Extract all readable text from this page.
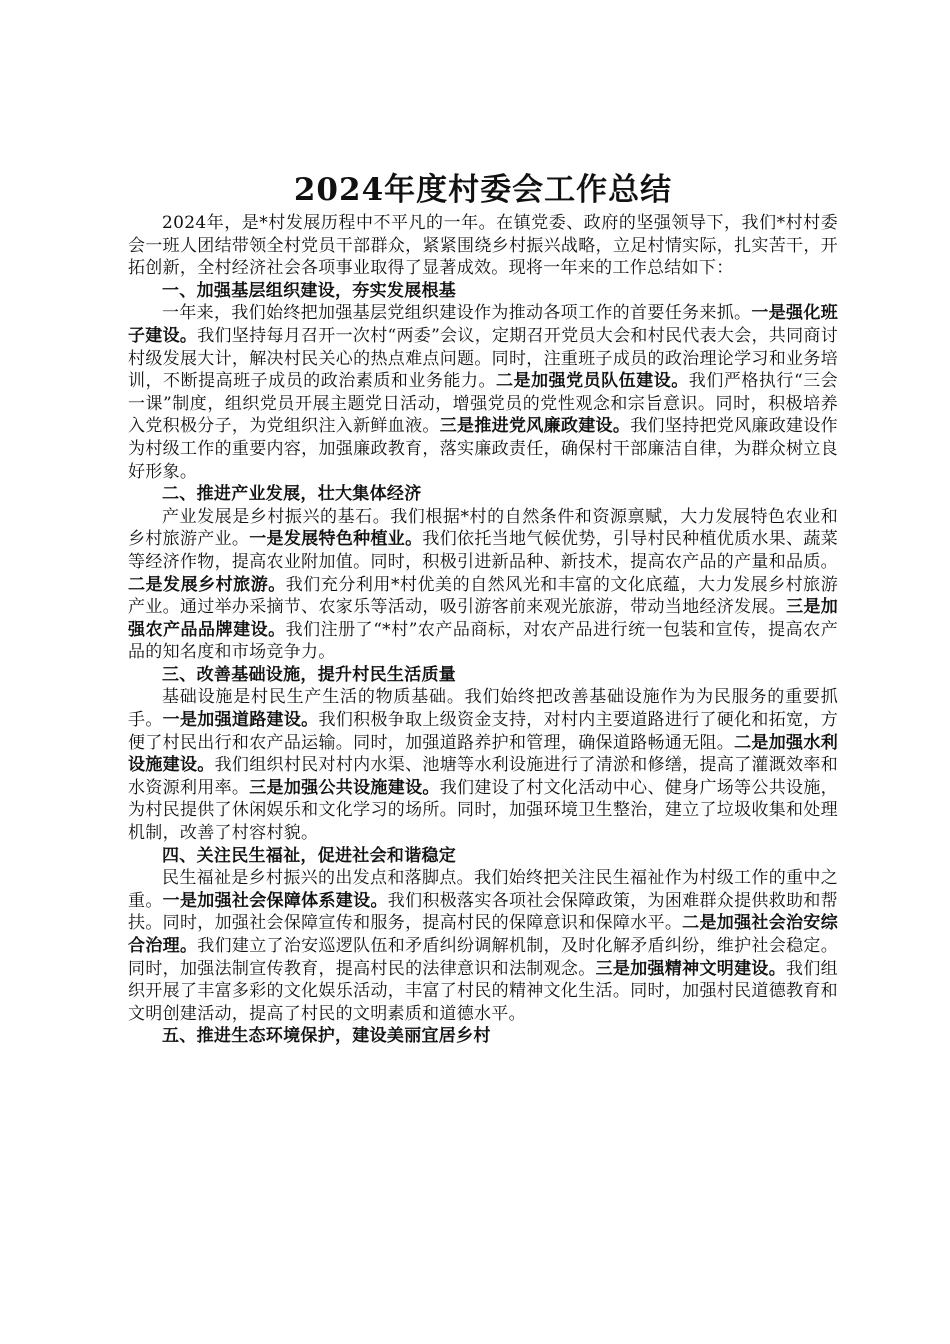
2024年度村委会工作总结

2024年，是*村发展历程中不平凡的一年。在镇党委、政府的坚强领导下，我们*村村委会一班人团结带领全村党员干部群众，紧紧围绕乡村振兴战略，立足村情实际，扎实苦干，开拓创新，全村经济社会各项事业取得了显著成效。现将一年来的工作总结如下：

一、加强基层组织建设，夯实发展根基

一年来，我们始终把加强基层党组织建设作为推动各项工作的首要任务来抓。一是强化班子建设。我们坚持每月召开一次村“两委”会议，定期召开党员大会和村民代表大会，共同商讨村级发展大计，解决村民关心的热点难点问题。同时，注重班子成员的政治理论学习和业务培训，不断提高班子成员的政治素质和业务能力。二是加强党员队伍建设。我们严格执行“三会一课”制度，组织党员开展主题党日活动，增强党员的党性观念和宗旨意识。同时，积极培养入党积极分子，为党组织注入新鲜血液。三是推进党风廉政建设。我们坚持把党风廉政建设作为村级工作的重要内容，加强廉政教育，落实廉政责任，确保村干部廉洁自律，为群众树立良好形象。

二、推进产业发展，壮大集体经济

产业发展是乡村振兴的基石。我们根据*村的自然条件和资源禀赋，大力发展特色农业和乡村旅游产业。一是发展特色种植业。我们依托当地气候优势，引导村民种植优质水果、蔬菜等经济作物，提高农业附加值。同时，积极引进新品种、新技术，提高农产品的产量和品质。二是发展乡村旅游。我们充分利用*村优美的自然风光和丰富的文化底蕴，大力发展乡村旅游产业。通过举办采摘节、农家乐等活动，吸引游客前来观光旅游，带动当地经济发展。三是加强农产品品牌建设。我们注册了“*村”农产品商标，对农产品进行统一包装和宣传，提高农产品的知名度和市场竞争力。

三、改善基础设施，提升村民生活质量

基础设施是村民生产生活的物质基础。我们始终把改善基础设施作为为民服务的重要抓手。一是加强道路建设。我们积极争取上级资金支持，对村内主要道路进行了硬化和拓宽，方便了村民出行和农产品运输。同时，加强道路养护和管理，确保道路畅通无阻。二是加强水利设施建设。我们组织村民对村内水渠、池塘等水利设施进行了清淤和修缮，提高了灌溉效率和水资源利用率。三是加强公共设施建设。我们建设了村文化活动中心、健身广场等公共设施，为村民提供了休闲娱乐和文化学习的场所。同时，加强环境卫生整治，建立了垃圾收集和处理机制，改善了村容村貌。

四、关注民生福祉，促进社会和谐稳定

民生福祉是乡村振兴的出发点和落脚点。我们始终把关注民生福祉作为村级工作的重中之重。一是加强社会保障体系建设。我们积极落实各项社会保障政策，为困难群众提供救助和帮扶。同时，加强社会保障宣传和服务，提高村民的保障意识和保障水平。二是加强社会治安综合治理。我们建立了治安巡逻队伍和矛盾纠纷调解机制，及时化解矛盾纠纷，维护社会稳定。同时，加强法制宣传教育，提高村民的法律意识和法制观念。三是加强精神文明建设。我们组织开展了丰富多彩的文化娱乐活动，丰富了村民的精神文化生活。同时，加强村民道德教育和文明创建活动，提高了村民的文明素质和道德水平。

五、推进生态环境保护，建设美丽宜居乡村
